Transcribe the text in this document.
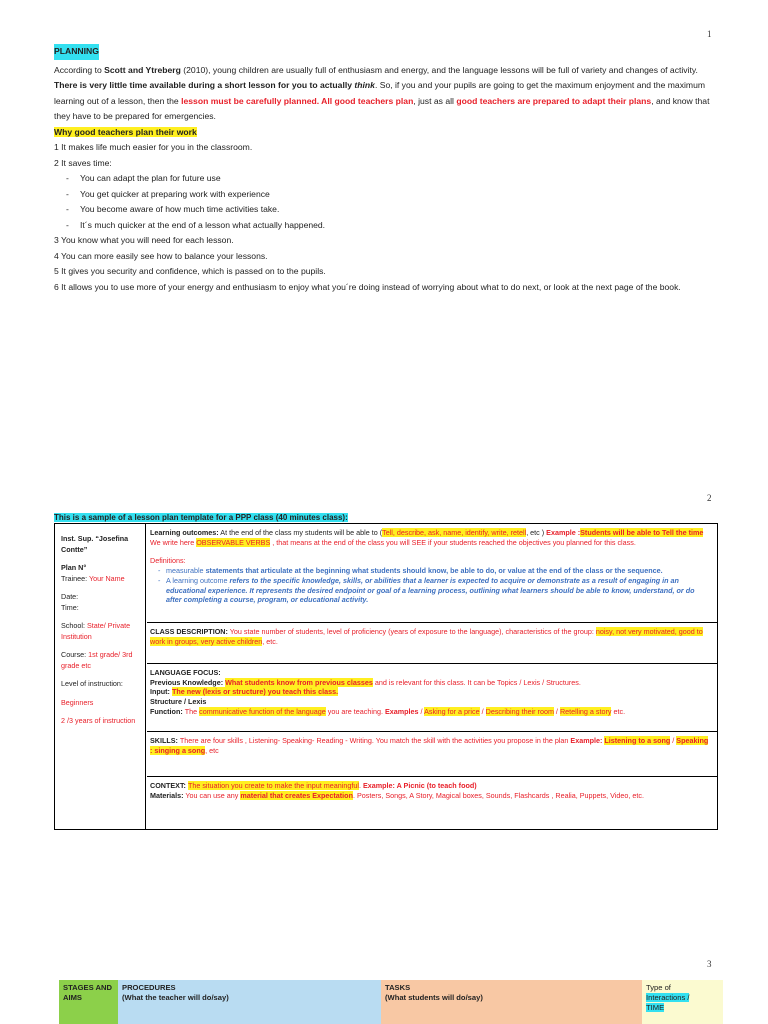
1
2
3
PLANNING

According to Scott and Ytreberg (2010), young children are usually full of enthusiasm and energy, and the language lessons will be full of variety and changes of activity. There is very little time available during a short lesson for you to actually think. So, if you and your pupils are going to get the maximum enjoyment and the maximum learning out of a lesson, then the lesson must be carefully planned. All good teachers plan, just as all good teachers are prepared to adapt their plans, and know that they have to be prepared for emergencies.

Why good teachers plan their work

1 It makes life much easier for you in the classroom.

2 It saves time:

- You can adapt the plan for future use

- You get quicker at preparing work with experience

- You become aware of how much time activities take.

- It´s much quicker at the end of a lesson what actually happened.

3 You know what you will need for each lesson.

4 You can more easily see how to balance your lessons.

5 It gives you security and confidence, which is passed on to the pupils.

6 It allows you to use more of your energy and enthusiasm to enjoy what you´re doing instead of worrying about what to do next, or look at the next page of the book.

This is a sample of a lesson plan template for a PPP class (40 minutes class):
Inst. Sup. “Josefina Contte”
Plan N°
Trainee: Your Name
Date:
Time:
School: State/ Private Institution
Course: 1st grade/ 3rd grade etc
Level of instruction:
Beginners
2 /3 years of instruction
Learning outcomes: At the end of the class my students will be able to (Tell, describe, ask, name, identify, write, retell, etc ) Example :Students will be able to Tell the time We write here OBSERVABLE VERBS , that means at the end of the class you will SEE if your students reached the objectives you planned for this class.
Definitions:
- measurable statements that articulate at the beginning what students should know, be able to do, or value at the end of the class or the sequence.
- A learning outcome refers to the specific knowledge, skills, or abilities that a learner is expected to acquire or demonstrate as a result of engaging in an educational experience. It represents the desired endpoint or goal of a learning process, outlining what learners should be able to know, understand, or do after completing a course, program, or educational activity.
CLASS DESCRIPTION: You state number of students, level of proficiency (years of exposure to the language), characteristics of the group: noisy, not very motivated, good to work in groups, very active children, etc.
LANGUAGE FOCUS:
Previous Knowledge: What students know from previous classes and is relevant for this class. It can be Topics / Lexis / Structures.
Input: The new (lexis or structure) you teach this class.
Structure / Lexis
Function: The communicative function of the language you are teaching. Examples / Asking for a price / Describing their room / Retelling a story etc.
SKILLS: There are four skills , Listening- Speaking- Reading - Writing. You match the skill with the activities you propose in the plan Example: Listening to a song / Speaking : singing a song, etc
CONTEXT: The situation you create to make the input meaningful. Example: A Picnic (to teach food)
Materials: You can use any material that creates Expectation. Posters, Songs, A Story, Magical boxes, Sounds, Flashcards , Realia, Puppets, Video, etc.
STAGES AND AIMS
PROCEDURES
(What the teacher will do/say)
TASKS
(What students will do/say)
Type of
Interactions /
TIME
